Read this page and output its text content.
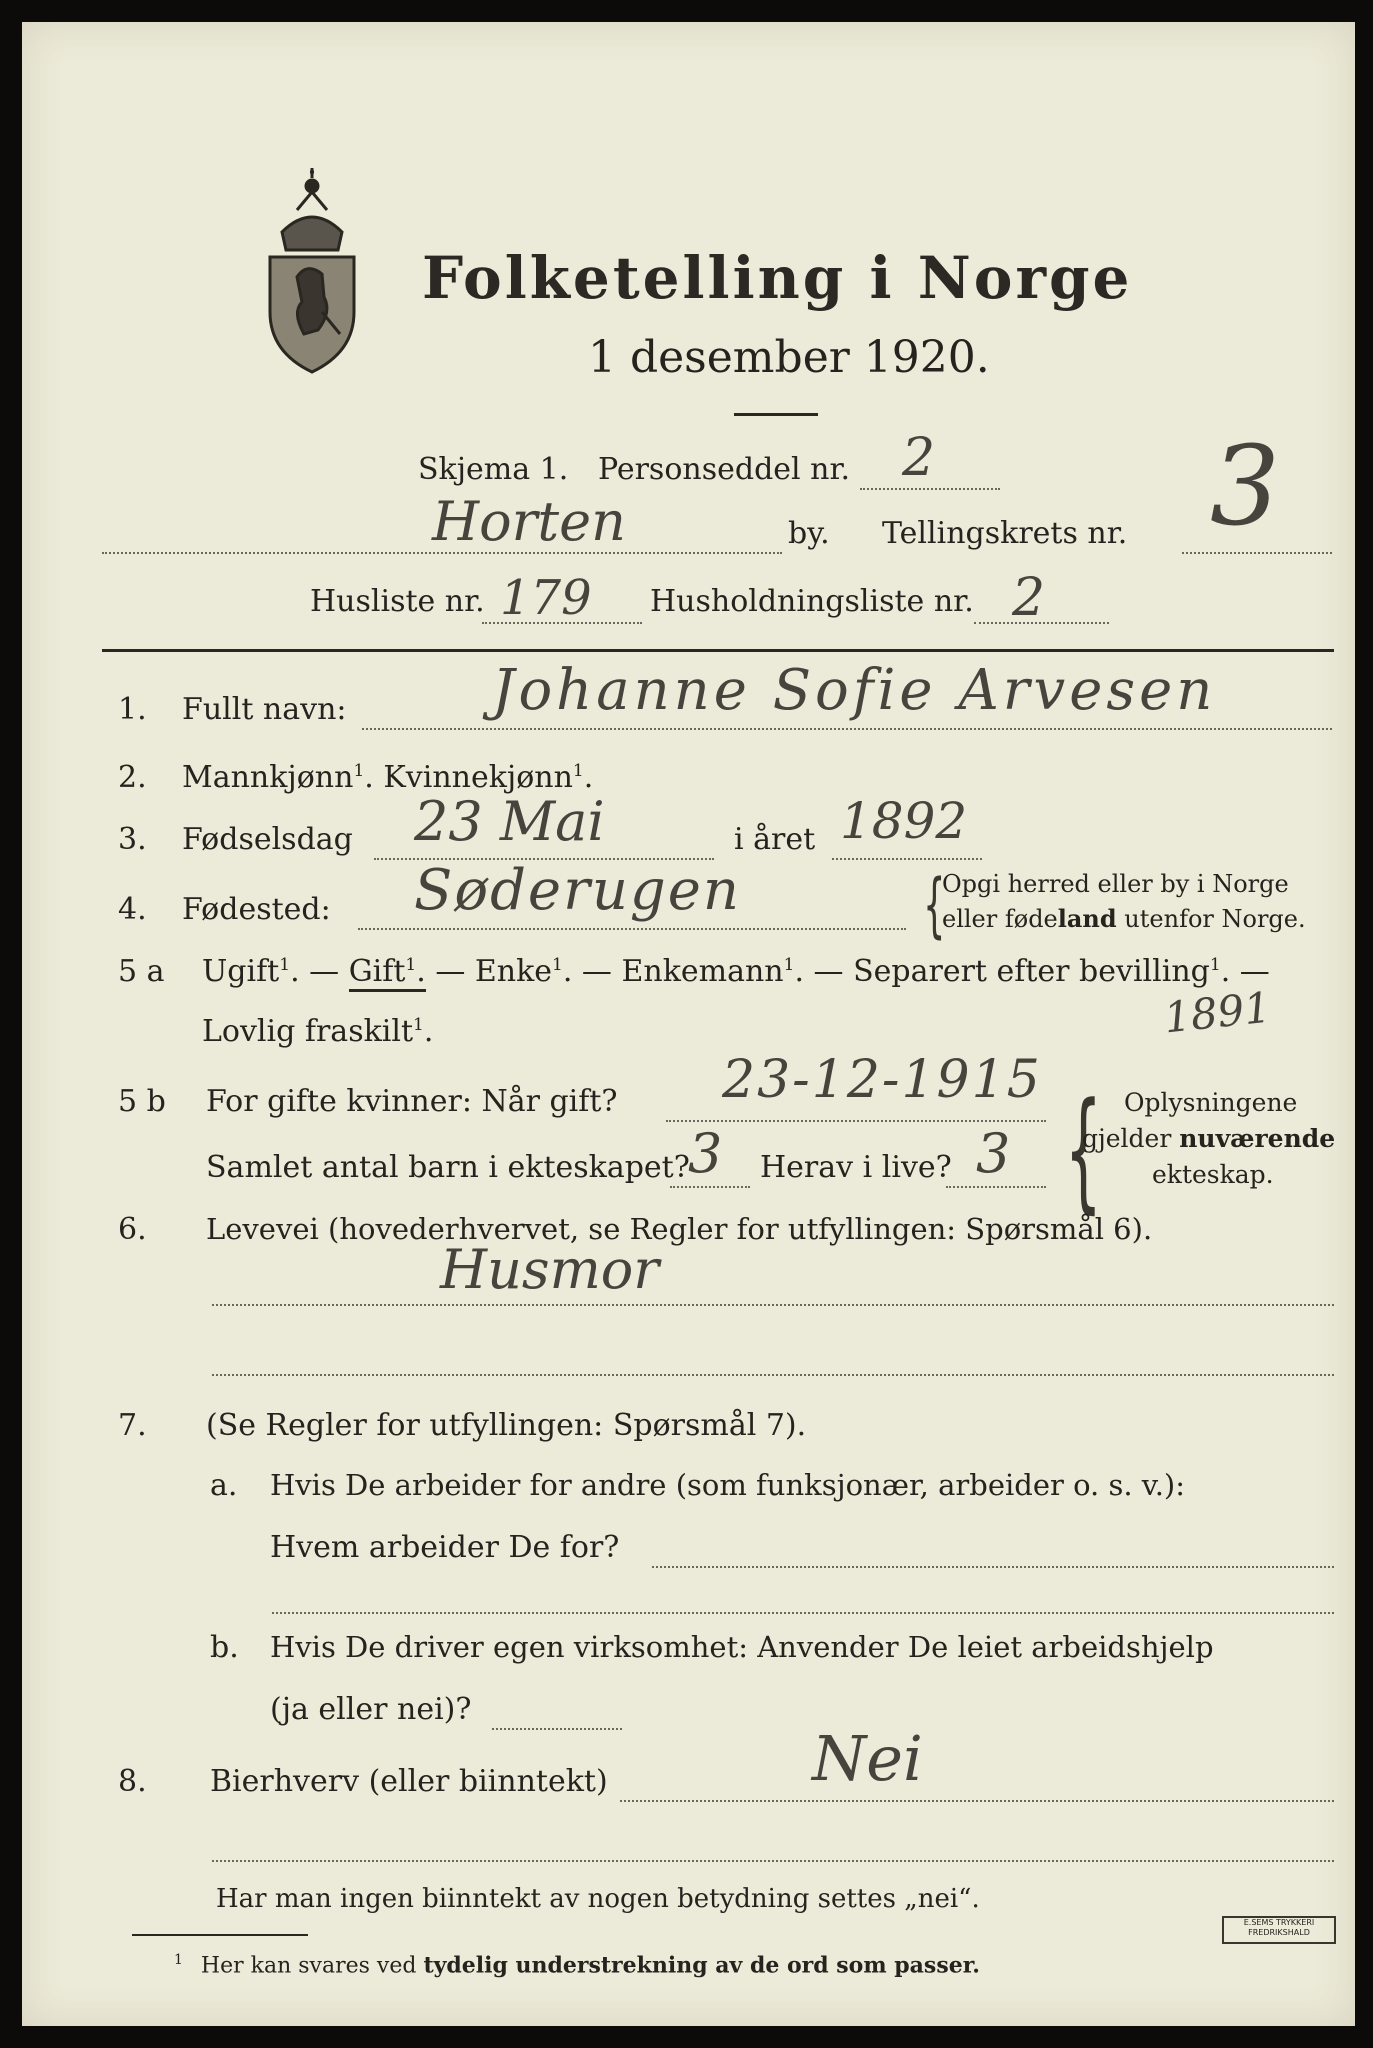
Folketelling i Norge
1 desember 1920.
Skjema 1. Personseddel nr. 2
Horten	by. Tellingskrets nr. 3
Husliste nr. 179 Husholdningsliste nr. 2
1. Fullt navn:	Johanne Sofie Arvesen
2. Mannkjønn$^1$. Kvinnekjønn$^1$.
3. Fødselsdag 23 Mai	i året 1892
4. Fødested: Søderugen	{
Opgi herred eller by i Norge
eller fødeland utenfor Norge.
5 a Ugift$^1$. — Gift$^1$. — Enke$^1$. — Enkemann$^1$. — Separert efter bevilling$^1$. —
Lovlig fraskilt$^1$.	1891
5 b For gifte kvinner: Når gift? 23-12-1915
Samlet antal barn i ekteskapet?
3 Herav i live? 3 { Oplysningene
gjelder nuværende
ekteskap.
6. Levevei (hovederhvervet, se Regler for utfyllingen: Spørsmål 6).
Husmor
7. (Se Regler for utfyllingen: Spørsmål 7).
a. Hvis De arbeider for andre (som funksjonær, arbeider o. s. v.):
Hvem arbeider De for?
b. Hvis De driver egen virksomhet: Anvender De leiet arbeidshjelp
(ja eller nei)?
8. Bierhverv (eller biinntekt)	Nei
Har man ingen biinntekt av nogen betydning settes „nei“.
$^1$ Her kan svares ved tydelig understrekning av de ord som passer.
E.SEMS TRYKKERI
FREDRIKSHALD
